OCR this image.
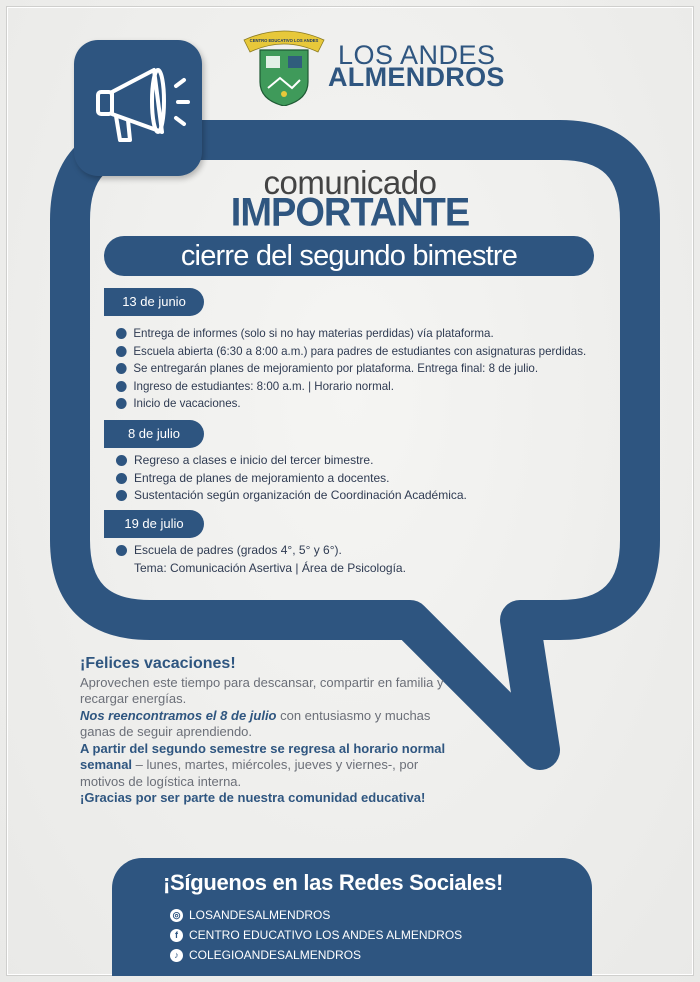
CENTRO EDUCATIVO LOS ANDES LOS ANDES
ALMENDROS
comunicado
IMPORTANTE
cierre del segundo bimestre
13 de junio
Entrega de informes (solo si no hay materias perdidas) vía plataforma.
Escuela abierta (6:30 a 8:00 a.m.) para padres de estudiantes con asignaturas perdidas.
Se entregarán planes de mejoramiento por plataforma. Entrega final: 8 de julio.
Ingreso de estudiantes: 8:00 a.m. | Horario normal.
Inicio de vacaciones.
8 de julio
Regreso a clases e inicio del tercer bimestre.
Entrega de planes de mejoramiento a docentes.
Sustentación según organización de Coordinación Académica.
19 de julio
Escuela de padres (grados 4°, 5° y 6°).
Tema: Comunicación Asertiva | Área de Psicología.
¡Felices vacaciones!
Aprovechen este tiempo para descansar, compartir en familia y recargar energías.
Nos reencontramos el 8 de julio con entusiasmo y muchas ganas de seguir aprendiendo.
A partir del segundo semestre se regresa al horario normal semanal – lunes, martes, miércoles, jueves y viernes-, por motivos de logística interna.
¡Gracias por ser parte de nuestra comunidad educativa!
¡Síguenos en las Redes Sociales!
◎ LOSANDESALMENDROS
f CENTRO EDUCATIVO LOS ANDES ALMENDROS
♪ COLEGIOANDESALMENDROS
